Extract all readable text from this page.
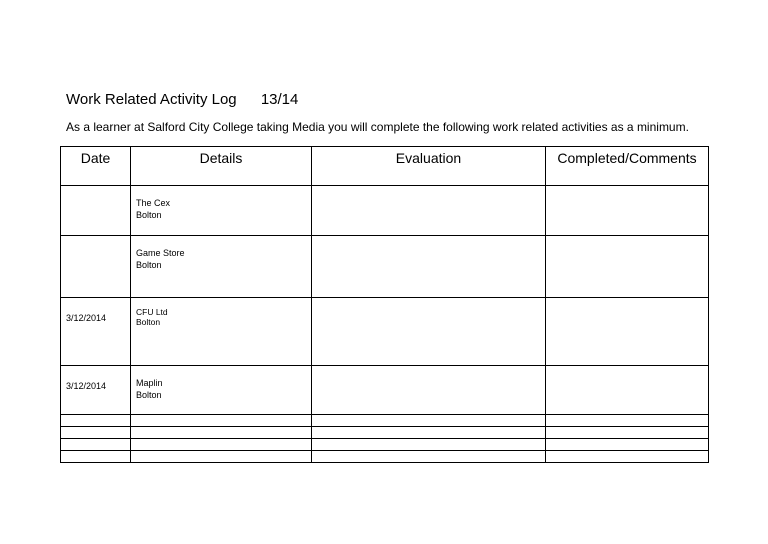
Work Related Activity Log 13/14
As a learner at Salford City College taking Media you will complete the following work related activities as a minimum.
Date	Details	Evaluation	Completed/Comments

	The Cex
Bolton		

	Game Store
Bolton		

3/12/2014	CFU Ltd
Bolton		

3/12/2014	Maplin
Bolton		
